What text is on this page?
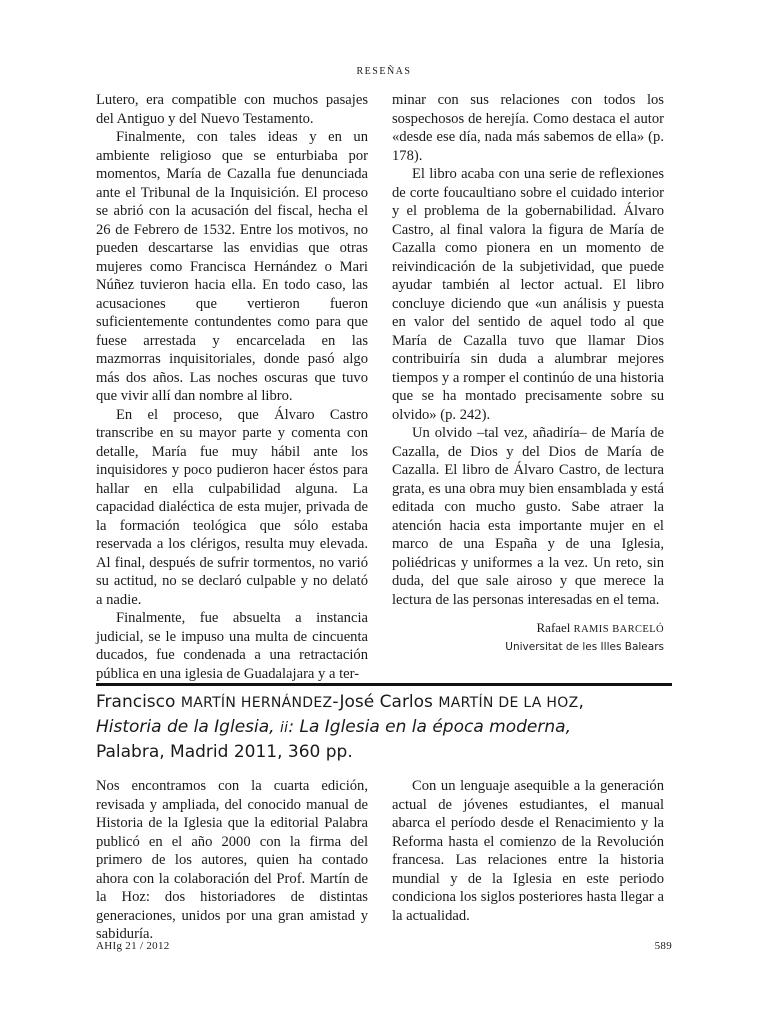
RESEÑAS

Lutero, era compatible con muchos pasajes del Antiguo y del Nuevo Testamento.

Finalmente, con tales ideas y en un ambiente religioso que se enturbiaba por momentos, María de Cazalla fue denunciada ante el Tribunal de la Inquisición. El proceso se abrió con la acusación del fiscal, hecha el 26 de Febrero de 1532. Entre los motivos, no pueden descartarse las envidias que otras mujeres como Francisca Hernández o Mari Núñez tuvieron hacia ella. En todo caso, las acusaciones que vertieron fueron suficientemente contundentes como para que fuese arrestada y encarcelada en las mazmorras inquisitoriales, donde pasó algo más dos años. Las noches oscuras que tuvo que vivir allí dan nombre al libro.

En el proceso, que Álvaro Castro transcribe en su mayor parte y comenta con detalle, María fue muy hábil ante los inquisidores y poco pudieron hacer éstos para hallar en ella culpabilidad alguna. La capacidad dialéctica de esta mujer, privada de la formación teológica que sólo estaba reservada a los clérigos, resulta muy elevada. Al final, después de sufrir tormentos, no varió su actitud, no se declaró culpable y no delató a nadie.

Finalmente, fue absuelta a instancia judicial, se le impuso una multa de cincuenta ducados, fue condenada a una retractación pública en una iglesia de Guadalajara y a ter-

minar con sus relaciones con todos los sospechosos de herejía. Como destaca el autor «desde ese día, nada más sabemos de ella» (p. 178).

El libro acaba con una serie de reflexiones de corte foucaultiano sobre el cuidado interior y el problema de la gobernabilidad. Álvaro Castro, al final valora la figura de María de Cazalla como pionera en un momento de reivindicación de la subjetividad, que puede ayudar también al lector actual. El libro concluye diciendo que «un análisis y puesta en valor del sentido de aquel todo al que María de Cazalla tuvo que llamar Dios contribuiría sin duda a alumbrar mejores tiempos y a romper el continúo de una historia que se ha montado precisamente sobre su olvido» (p. 242).

Un olvido –tal vez, añadiría– de María de Cazalla, de Dios y del Dios de María de Cazalla. El libro de Álvaro Castro, de lectura grata, es una obra muy bien ensamblada y está editada con mucho gusto. Sabe atraer la atención hacia esta importante mujer en el marco de una España y de una Iglesia, poliédricas y uniformes a la vez. Un reto, sin duda, del que sale airoso y que merece la lectura de las personas interesadas en el tema.

Rafael RAMIS BARCELÓ
Universitat de les Illes Balears
Francisco MARTÍN HERNÁNDEZ-José Carlos MARTÍN DE LA HOZ,
Historia de la Iglesia, ii: La Iglesia en la época moderna,
Palabra, Madrid 2011, 360 pp.

Nos encontramos con la cuarta edición, revisada y ampliada, del conocido manual de Historia de la Iglesia que la editorial Palabra publicó en el año 2000 con la firma del primero de los autores, quien ha contado ahora con la colaboración del Prof. Martín de la Hoz: dos historiadores de distintas generaciones, unidos por una gran amistad y sabiduría.

Con un lenguaje asequible a la generación actual de jóvenes estudiantes, el manual abarca el período desde el Renacimiento y la Reforma hasta el comienzo de la Revolución francesa. Las relaciones entre la historia mundial y de la Iglesia en este periodo condiciona los siglos posteriores hasta llegar a la actualidad.

AHIg 21 / 2012	589
